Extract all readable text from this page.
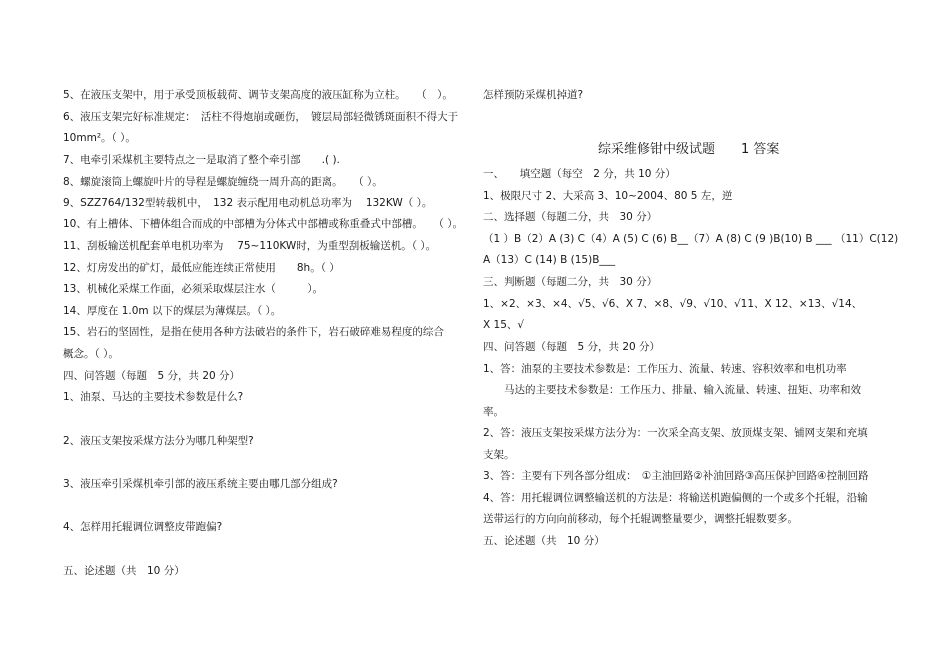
5、在液压支架中，用于承受顶板载荷、调节支架高度的液压缸称为立柱。　　（　）。
6、液压支架完好标准规定：　活柱不得炮崩或砸伤，　镀层局部轻微锈斑面积不得大于
10mm²。（ ）。
7、电牵引采煤机主要特点之一是取消了整个牵引部　　.( ).
8、螺旋滚筒上螺旋叶片的导程是螺旋缠绕一周升高的距离。　　（ ）。
9、SZZ764/132型转载机中，　132 表示配用电动机总功率为　 132KW（ ）。
10、有上槽体、下槽体组合而成的中部槽为分体式中部槽或称重叠式中部槽。　　（ ）。
11、刮板输送机配套单电机功率为　 75~110KW时，为重型刮板输送机。（ ）。
12、灯房发出的矿灯，最低应能连续正常使用　　8h。（ ）
13、机械化采煤工作面，必须采取煤层注水（　　　）。
14、厚度在 1.0m 以下的煤层为薄煤层。（ ）。
15、岩石的坚固性，是指在使用各种方法破岩的条件下，岩石破碎难易程度的综合
概念。（ ）。
四、问答题（每题　5 分，共 20 分）
1、油泵、马达的主要技术参数是什么?
2、液压支架按采煤方法分为哪几种架型?
3、液压牵引采煤机牵引部的液压系统主要由哪几部分组成?
4、怎样用托辊调位调整皮带跑偏?
五、论述题（共　10 分）
怎样预防采煤机掉道?
综采维修钳中级试题　　1 答案
一、　　填空题（每空　2 分，共 10 分）
1、极限尺寸 2、大采高 3、10~2004、80 5 左，逆
二、选择题（每题二分，共　30 分）
（1 ）B（2）A (3) C（4）A (5) C (6) B__（7）A (8) C (9 )B(10) B ___ （11）C(12)
A（13）C (14) B (15)B___
三、判断题（每题二分，共　30 分）
1、×2、×3、×4、√5、√6、X 7、×8、√9、√10、√11、X 12、×13、√14、
X 15、√
四、问答题（每题　5 分，共 20 分）
1、答：油泵的主要技术参数是：工作压力、流量、转速、容积效率和电机功率
　　马达的主要技术参数是：工作压力、排量、输入流量、转速、扭矩、功率和效
率。
2、答：液压支架按采煤方法分为：一次采全高支架、放顶煤支架、铺网支架和充填
支架。
3、答：主要有下列各部分组成：　①主油回路②补油回路③高压保护回路④控制回路
4、答：用托辊调位调整输送机的方法是：将输送机跑偏侧的一个或多个托辊，沿输
送带运行的方向向前移动，每个托辊调整量要少，调整托辊数要多。
五、论述题（共　10 分）
